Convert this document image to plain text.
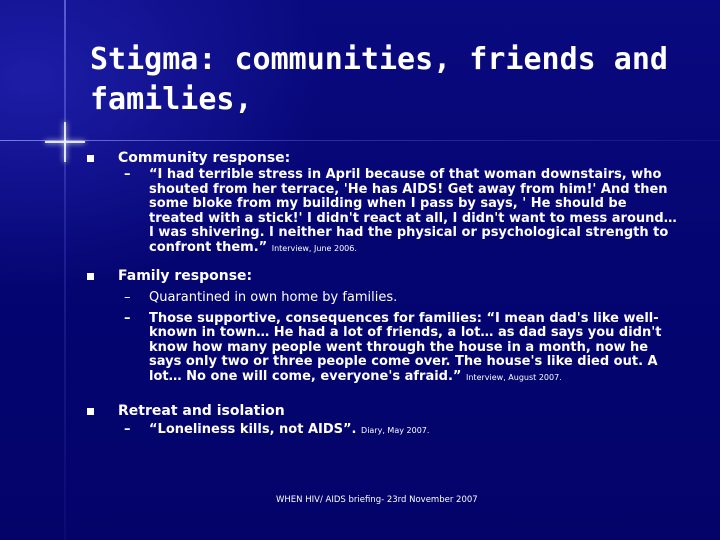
Stigma: communities, friends and families,
Community response:
– “I had terrible stress in April because of that woman downstairs, who shouted from her terrace, 'He has AIDS! Get away from him!' And then some bloke from my building when I pass by says, ' He should be treated with a stick!' I didn't react at all, I didn't want to mess around… I was shivering. I neither had the physical or psychological strength to confront them.” Interview, June 2006.
Family response:
– Quarantined in own home by families.
– Those supportive, consequences for families: “I mean dad's like well-known in town… He had a lot of friends, a lot… as dad says you didn't know how many people went through the house in a month, now he says only two or three people come over. The house's like died out. A lot… No one will come, everyone's afraid.” Interview, August 2007.
Retreat and isolation
– “Loneliness kills, not AIDS”. Diary, May 2007.
WHEN HIV/ AIDS briefing- 23rd November 2007
